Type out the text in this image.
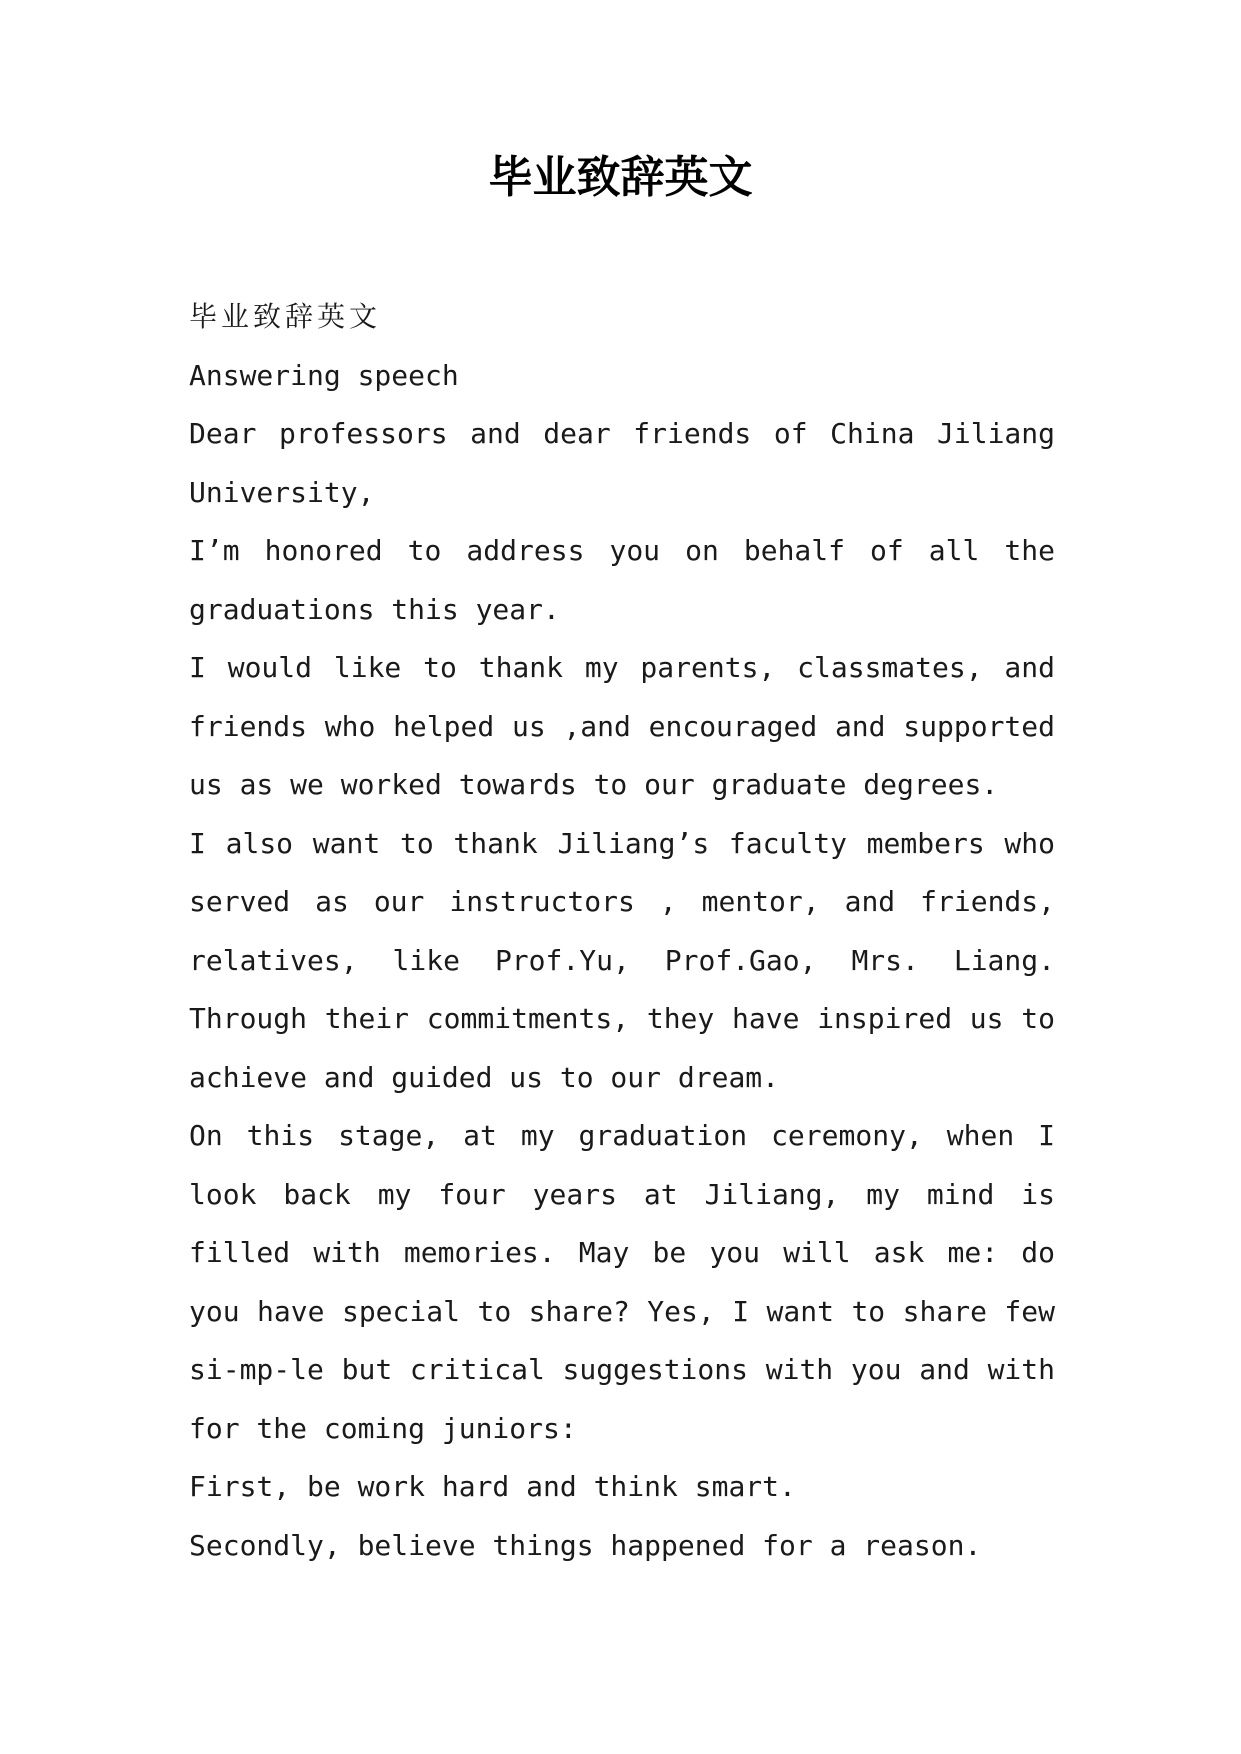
毕业致辞英文
毕业致辞英文
Answering speech
Dear professors and dear friends of China Jiliang
University,
I’m honored to address you on behalf of all the
graduations this year.
I would like to thank my parents, classmates, and
friends who helped us ,and encouraged and supported
us as we worked towards to our graduate degrees.
I also want to thank Jiliang’s faculty members who
served as our instructors , mentor, and friends,
relatives, like Prof.Yu, Prof.Gao, Mrs. Liang.
Through their commitments, they have inspired us to
achieve and guided us to our dream.
On this stage, at my graduation ceremony, when I
look back my four years at Jiliang, my mind is
filled with memories. May be you will ask me: do
you have special to share? Yes, I want to share few
si-mp-le but critical suggestions with you and with
for the coming juniors:
First, be work hard and think smart.
Secondly, believe things happened for a reason.
